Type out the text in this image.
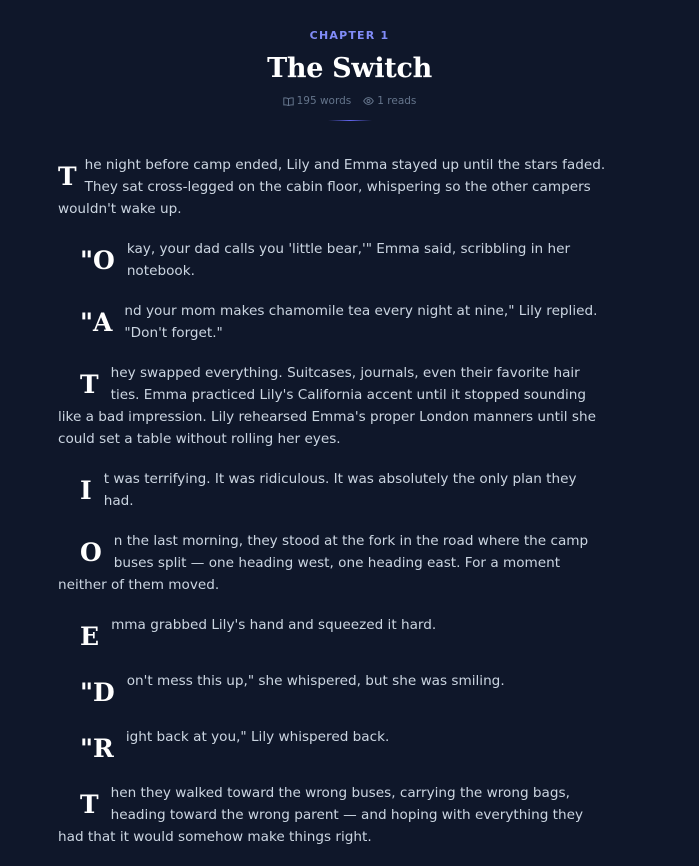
CHAPTER 1
The Switch
195 words 1 reads

The night before camp ended, Lily and Emma stayed up until the stars faded. They sat cross-legged on the cabin floor, whispering so the other campers wouldn't wake up.

"Okay, your dad calls you 'little bear,'" Emma said, scribbling in her notebook.

"And your mom makes chamomile tea every night at nine," Lily replied. "Don't forget."

They swapped everything. Suitcases, journals, even their favorite hair ties. Emma practiced Lily's California accent until it stopped sounding like a bad impression. Lily rehearsed Emma's proper London manners until she could set a table without rolling her eyes.

It was terrifying. It was ridiculous. It was absolutely the only plan they had.

On the last morning, they stood at the fork in the road where the camp buses split — one heading west, one heading east. For a moment neither of them moved.

Emma grabbed Lily's hand and squeezed it hard.

"Don't mess this up," she whispered, but she was smiling.

"Right back at you," Lily whispered back.

Then they walked toward the wrong buses, carrying the wrong bags, heading toward the wrong parent — and hoping with everything they had that it would somehow make things right.
